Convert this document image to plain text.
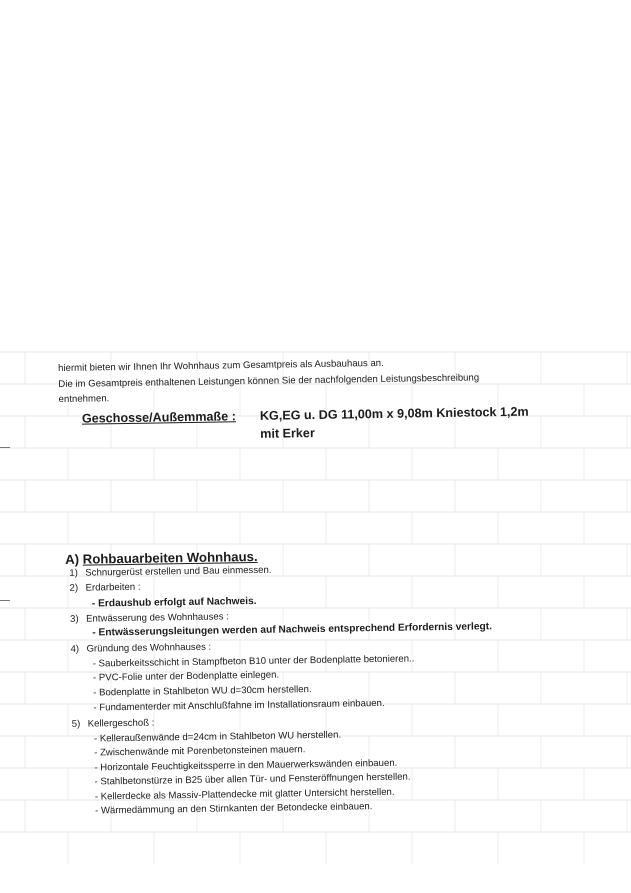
hiermit bieten wir Ihnen Ihr Wohnhaus zum Gesamtpreis als Ausbauhaus an.
Die im Gesamtpreis enthaltenen Leistungen können Sie der nachfolgenden Leistungsbeschreibung
entnehmen.
Geschosse/Außemmaße : KG,EG u. DG 11,00m x 9,08m Kniestock 1,2m
mit Erker
A) Rohbauarbeiten Wohnhaus.
1) Schnurgerüst erstellen und Bau einmessen.
2) Erdarbeiten :
- Erdaushub erfolgt auf Nachweis.
3) Entwässerung des Wohnhauses :
- Entwässerungsleitungen werden auf Nachweis entsprechend Erfordernis verlegt.
4) Gründung des Wohnhauses :
- Sauberkeitsschicht in Stampfbeton B10 unter der Bodenplatte betonieren..
- PVC-Folie unter der Bodenplatte einlegen.
- Bodenplatte in Stahlbeton WU d=30cm herstellen.
- Fundamenterder mit Anschlußfahne im Installationsraum einbauen.
5) Kellergeschoß :
- Kelleraußenwände d=24cm in Stahlbeton WU herstellen.
- Zwischenwände mit Porenbetonsteinen mauern.
- Horizontale Feuchtigkeitssperre in den Mauerwerkswänden einbauen.
- Stahlbetonstürze in B25 über allen Tür- und Fensteröffnungen herstellen.
- Kellerdecke als Massiv-Plattendecke mit glatter Untersicht herstellen.
- Wärmedämmung an den Stirnkanten der Betondecke einbauen.
